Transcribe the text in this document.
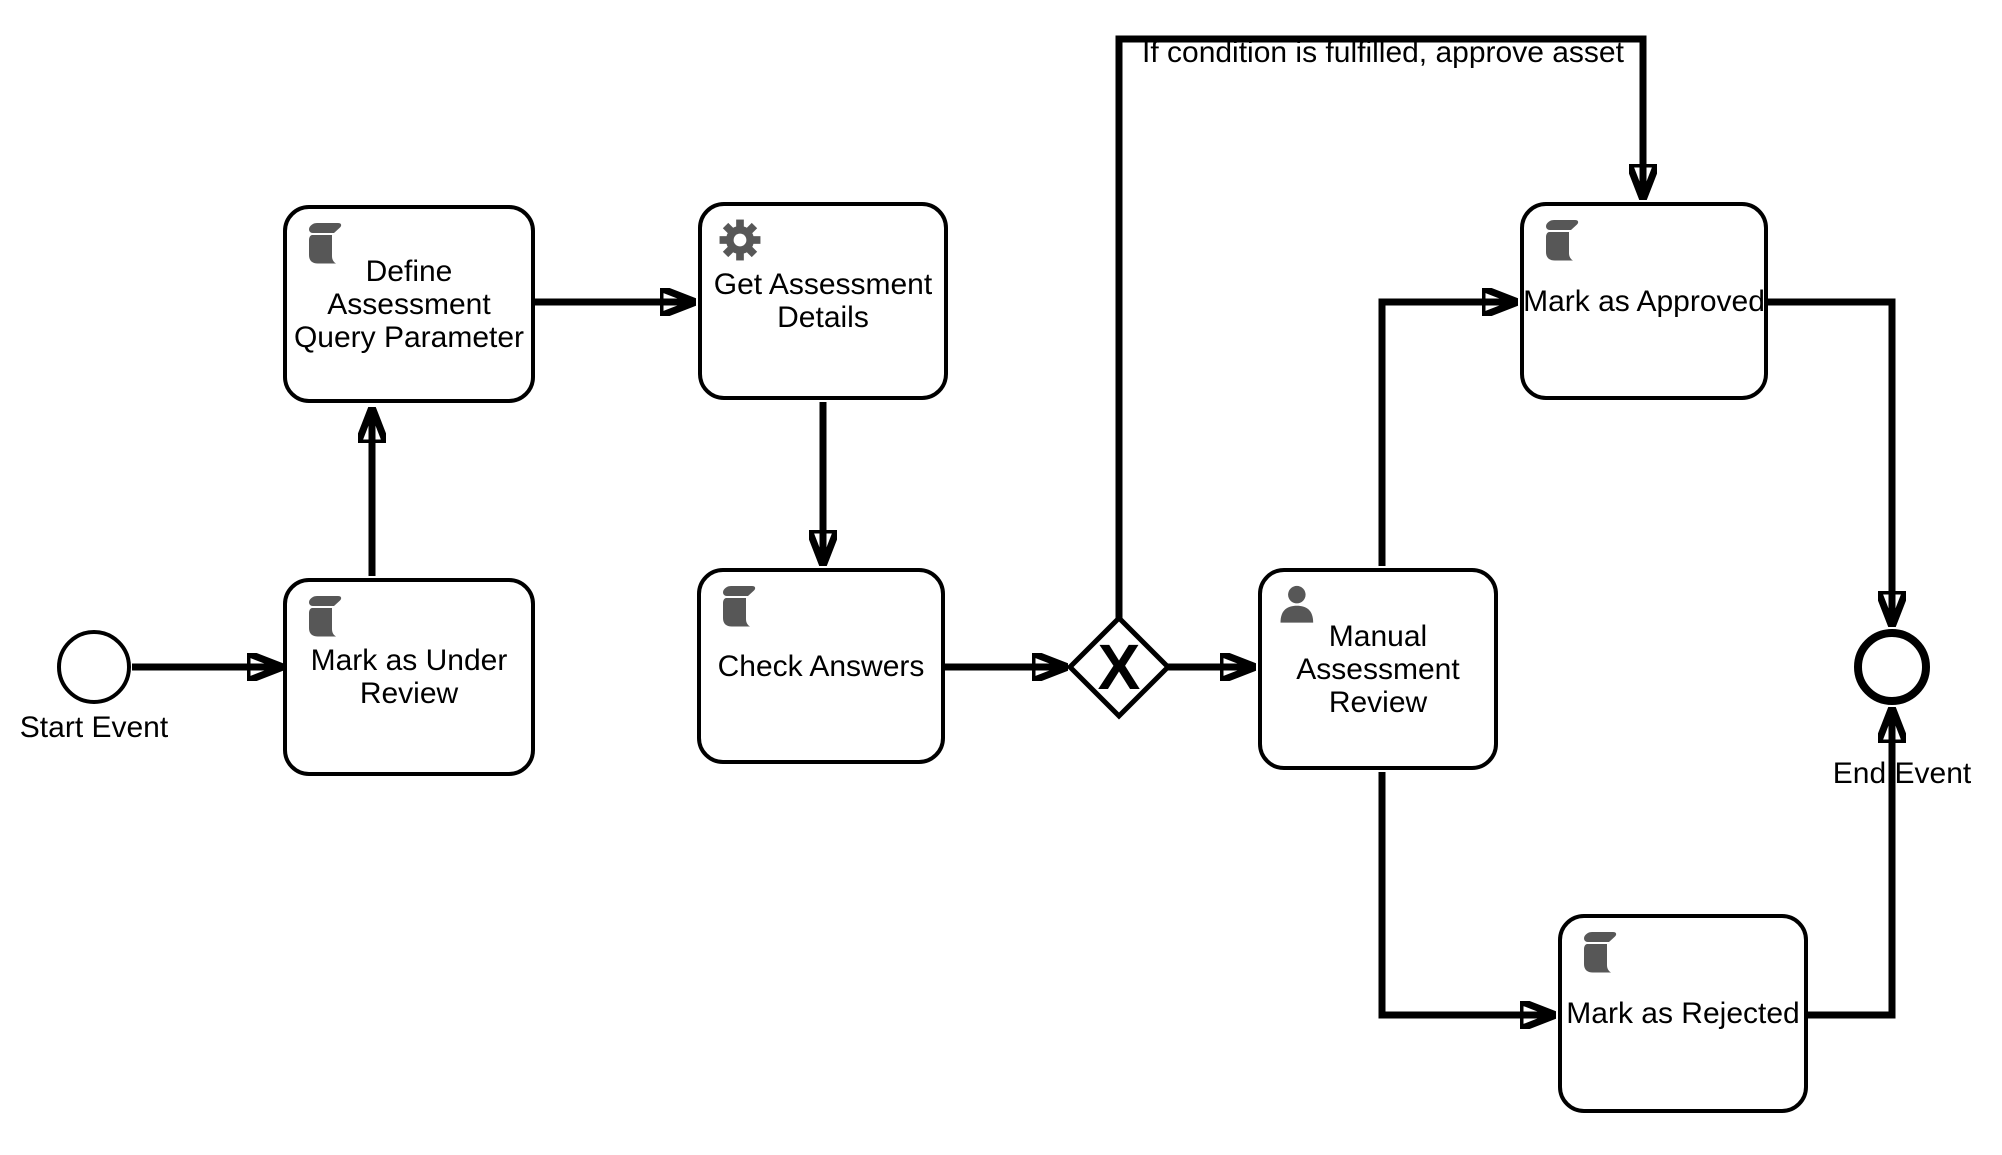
If condition is fulfilled, approve asset
Start Event
Mark as Under Review
Define Assessment Query Parameter
Get Assessment Details
Check Answers	X	Manual Assessment Review
Mark as Approved
Mark as Rejected
End Event
